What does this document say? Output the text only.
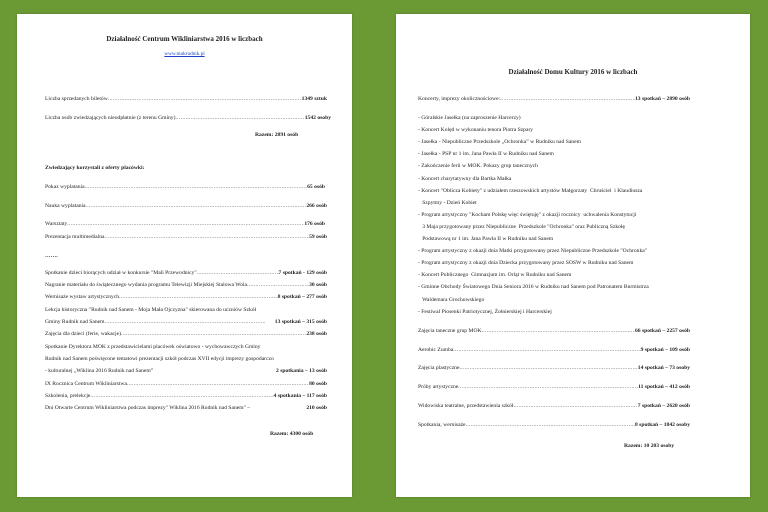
Działalność Centrum Wikliniarstwa 2016 w liczbach
www.mokrudnik.pl
Liczba sprzedanych biletów .....	1349 sztuk
Liczba osób zwiedzających nieodpłatnie (z terenu Gminy) .....	1542 osoby
Razem: 2891 osób
Zwiedzający korzystali z oferty placówki:
Pokaz wyplatania .....	65 osób
Nauka wyplatania .....	266 osób
Warsztaty .....	176 osób
Prezentacja multimedialna .....	59 osób
…….
Spotkanie dzieci biorących udział w konkursie "Mali Przewodnicy" .....	7 spotkań - 129 osób
Nagranie materiału do świątecznego wydania programu Telewizji Miejskiej Stalowa Wola .....	30 osób
Wernisaże wystaw artystycznych .....	8 spotkań – 277 osób
Lekcja historyczna "Rudnik nad Sanem - Moja Mała Ojczyzna" skierowana do uczniów Szkół
Gminy Rudnik nad Sanem .....	13 spotkań – 315 osób
Zajęcia dla dzieci (ferie, wakacje) .....	238 osób
Spotkanie Dyrektora MOK z przedstawicielami placówek oświatowo - wychowawczych Gminy
Rudnik nad Sanem poświęcone tematowi prezentacji szkół podczas XVII edycji imprezy gospodarczo
- kulturalnej „Wiklina 2016 Rudnik nad Sanem”	2 spotkania – 13 osób
IX Rocznica Centrum Wikliniarstwa .....	80 osób
Szkolenia, prelekcje .....	4 spotkania – 117 osób
Dni Otwarte Centrum Wikliniarstwa podczas imprezy" Wiklina 2016 Rudnik nad Sanem" –	210 osób
Razem: 4300 osób
Działalność Domu Kultury 2016 w liczbach
Koncerty, imprezy okolicznościowe: .....	13 spotkań – 2890 osób
- Góralskie Jasełka (na zaproszenie Harcerzy)
- Koncert Kolęd w wykonaniu tenora Piotra Szpary
- Jasełka - Niepubliczne Przedszkole „Ochronka” w Rudniku nad Sanem
- Jasełka - PSP nr 1 im. Jana Pawła II w Rudniku nad Sanem
- Zakończenie ferii w MOK. Pokazy grup tanecznych
- Koncert charytatywny dla Bartka Małka
- Koncert "Oblicza Kobiety" z udziałem rzeszowskich artystów Małgorzaty  Chruściel  i Klaudiusza
Szpytmy - Dzień Kobiet
- Program artystyczny "Kocham Polskę więc świętuję" z okazji rocznicy  uchwalenia Konstytucji
3 Maja przygotowany przez Niepubliczne  Przedszkole "Ochronka" oraz Publiczną Szkołę
Podstawową nr 1 im. Jana Pawła II w Rudniku nad Sanem
- Program artystyczny z okazji dnia Matki przygotowany przez Niepubliczne Przedszkole "Ochronka"
- Program artystyczny z okazji dnia Dziecka przygotowany przez SOSW w Rudniku nad Sanem
- Koncert Publicznego  Gimnazjum im. Orląt w Rudniku nad Sanem
- Gminne Obchody Światowego Dnia Seniora 2016 w Rudniku nad Sanem pod Patronatem Burmistrza
Waldemara Grochowskiego
- Festiwal Piosenki Patriotycznej, Żołnierskiej i Harcerskiej
Zajęcia taneczne grup MOK .....	66 spotkań – 2257 osób
Aerobic Zumba .....	9 spotkań – 109 osób
Zajęcia plastyczne .....	14 spotkań – 73 osoby
Próby artystyczne .....	11 spotkań – 412 osób
Widowiska teatralne, przedstawienia szkół .....	7 spotkań – 2620 osób
Spotkania, wernisaże .....	8 spotkań – 1842 osoby
Razem: 10 203 osoby
